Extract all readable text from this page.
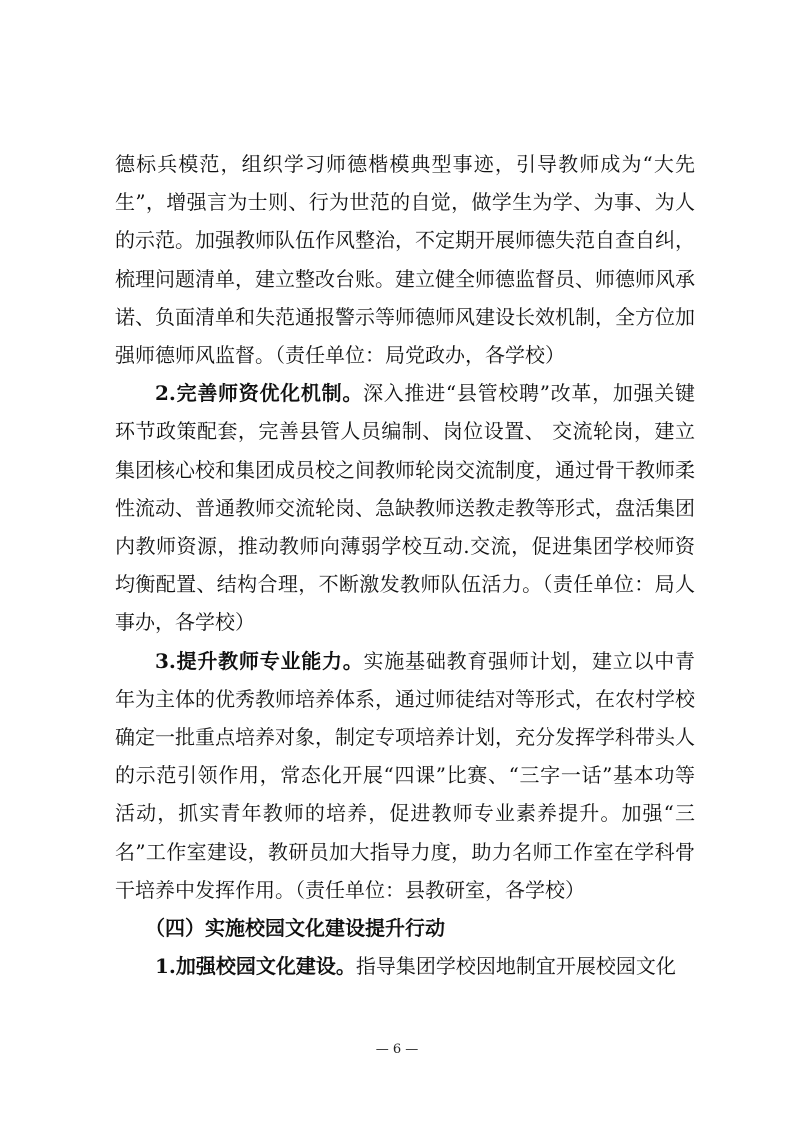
德标兵模范，组织学习师德楷模典型事迹，引导教师成为“大先生”，增强言为士则、行为世范的自觉，做学生为学、为事、为人的示范。加强教师队伍作风整治，不定期开展师德失范自查自纠，梳理问题清单，建立整改台账。建立健全师德监督员、师德师风承诺、负面清单和失范通报警示等师德师风建设长效机制，全方位加强师德师风监督。（责任单位：局党政办，各学校）

2.完善师资优化机制。深入推进“县管校聘”改革，加强关键环节政策配套，完善县管人员编制、岗位设置、 交流轮岗，建立集团核心校和集团成员校之间教师轮岗交流制度，通过骨干教师柔性流动、普通教师交流轮岗、急缺教师送教走教等形式，盘活集团内教师资源，推动教师向薄弱学校互动.交流，促进集团学校师资均衡配置、结构合理，不断激发教师队伍活力。（责任单位：局人事办，各学校）

3.提升教师专业能力。实施基础教育强师计划，建立以中青年为主体的优秀教师培养体系，通过师徒结对等形式，在农村学校确定一批重点培养对象，制定专项培养计划，充分发挥学科带头人的示范引领作用，常态化开展“四课”比赛、“三字一话”基本功等活动，抓实青年教师的培养，促进教师专业素养提升。加强“三名”工作室建设，教研员加大指导力度，助力名师工作室在学科骨干培养中发挥作用。（责任单位：县教研室，各学校）

（四）实施校园文化建设提升行动

1.加强校园文化建设。指导集团学校因地制宜开展校园文化

— 6 —
